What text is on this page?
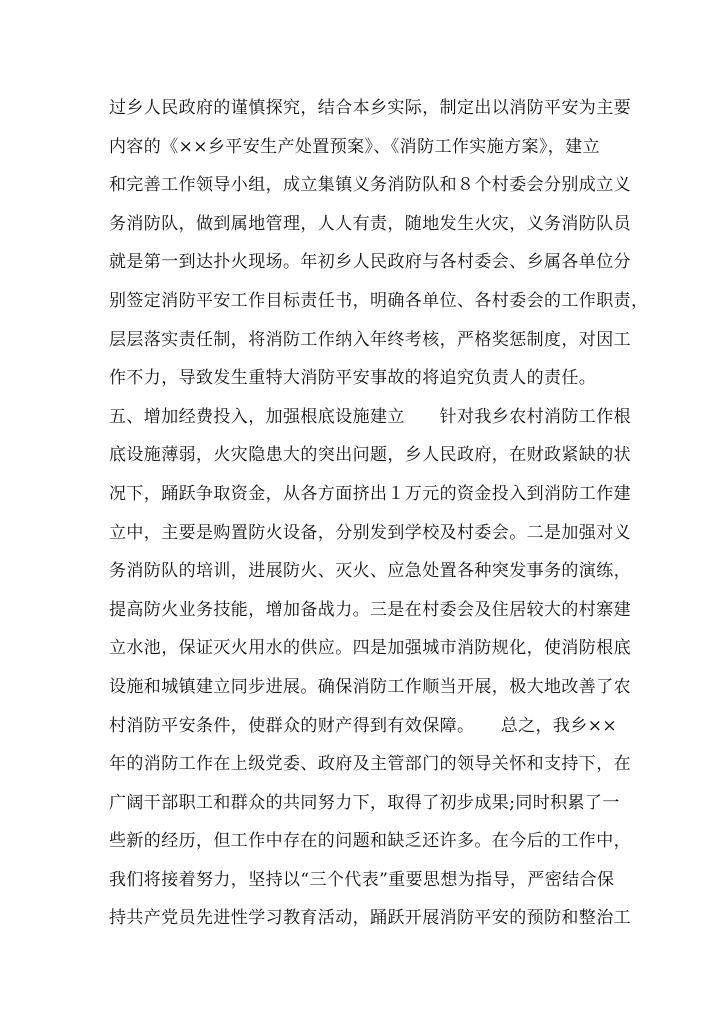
过乡人民政府的谨慎探究，结合本乡实际，制定出以消防平安为主要
内容的《××乡平安生产处置预案》、《消防工作实施方案》，建立
和完善工作领导小组，成立集镇义务消防队和８个村委会分别成立义
务消防队，做到属地管理，人人有责，随地发生火灾，义务消防队员
就是第一到达扑火现场。年初乡人民政府与各村委会、乡属各单位分
别签定消防平安工作目标责任书，明确各单位、各村委会的工作职责，
层层落实责任制，将消防工作纳入年终考核，严格奖惩制度，对因工
作不力，导致发生重特大消防平安事故的将追究负责人的责任。
五、增加经费投入，加强根底设施建立　　针对我乡农村消防工作根
底设施薄弱，火灾隐患大的突出问题，乡人民政府，在财政紧缺的状
况下，踊跃争取资金，从各方面挤出１万元的资金投入到消防工作建
立中，主要是购置防火设备，分别发到学校及村委会。二是加强对义
务消防队的培训，进展防火、灭火、应急处置各种突发事务的演练，
提高防火业务技能，增加备战力。三是在村委会及住居较大的村寨建
立水池，保证灭火用水的供应。四是加强城市消防规化，使消防根底
设施和城镇建立同步进展。确保消防工作顺当开展，极大地改善了农
村消防平安条件，使群众的财产得到有效保障。　　总之，我乡××
年的消防工作在上级党委、政府及主管部门的领导关怀和支持下，在
广阔干部职工和群众的共同努力下，取得了初步成果;同时积累了一
些新的经历，但工作中存在的问题和缺乏还许多。在今后的工作中，
我们将接着努力，坚持以“三个代表”重要思想为指导，严密结合保
持共产党员先进性学习教育活动，踊跃开展消防平安的预防和整治工
